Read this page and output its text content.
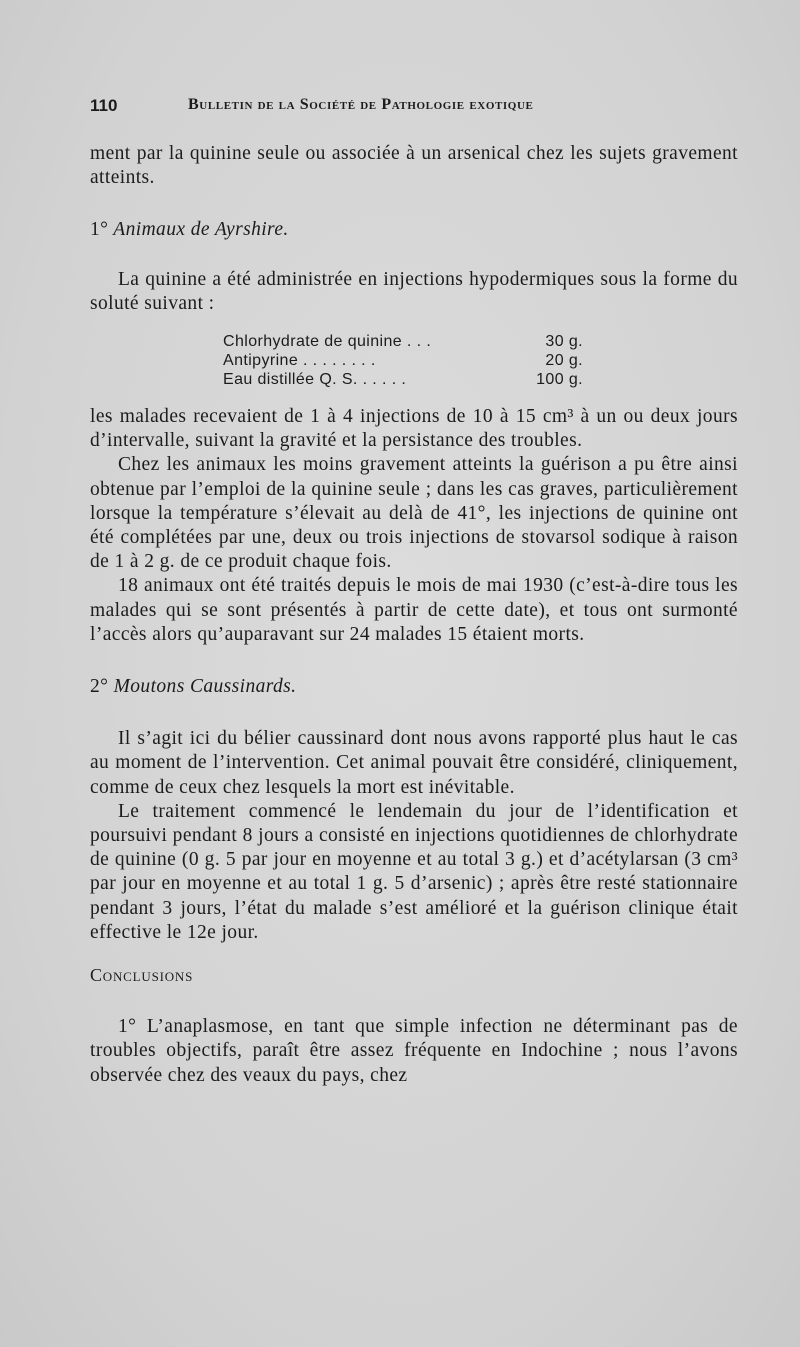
110	Bulletin de la Société de Pathologie exotique

ment par la quinine seule ou associée à un arsenical chez les sujets gravement atteints.

1° Animaux de Ayrshire.

La quinine a été administrée en injections hypodermiques sous la forme du soluté suivant :

Chlorhydrate de quinine . . .	30 g.
Antipyrine . . . . . . . .	20 g.
Eau distillée Q. S. . . . . .	100 g.

les malades recevaient de 1 à 4 injections de 10 à 15 cm³ à un ou deux jours d’intervalle, suivant la gravité et la persistance des troubles.

Chez les animaux les moins gravement atteints la guérison a pu être ainsi obtenue par l’emploi de la quinine seule ; dans les cas graves, particulièrement lorsque la température s’élevait au delà de 41°, les injections de quinine ont été complétées par une, deux ou trois injections de stovarsol sodique à raison de 1 à 2 g. de ce produit chaque fois.

18 animaux ont été traités depuis le mois de mai 1930 (c’est-à-dire tous les malades qui se sont présentés à partir de cette date), et tous ont surmonté l’accès alors qu’auparavant sur 24 malades 15 étaient morts.

2° Moutons Caussinards.

Il s’agit ici du bélier caussinard dont nous avons rapporté plus haut le cas au moment de l’intervention. Cet animal pouvait être considéré, cliniquement, comme de ceux chez lesquels la mort est inévitable.

Le traitement commencé le lendemain du jour de l’identification et poursuivi pendant 8 jours a consisté en injections quotidiennes de chlorhydrate de quinine (0 g. 5 par jour en moyenne et au total 3 g.) et d’acétylarsan (3 cm³ par jour en moyenne et au total 1 g. 5 d’arsenic) ; après être resté stationnaire pendant 3 jours, l’état du malade s’est amélioré et la guérison clinique était effective le 12e jour.

Conclusions

1° L’anaplasmose, en tant que simple infection ne déterminant pas de troubles objectifs, paraît être assez fréquente en Indochine ; nous l’avons observée chez des veaux du pays, chez
